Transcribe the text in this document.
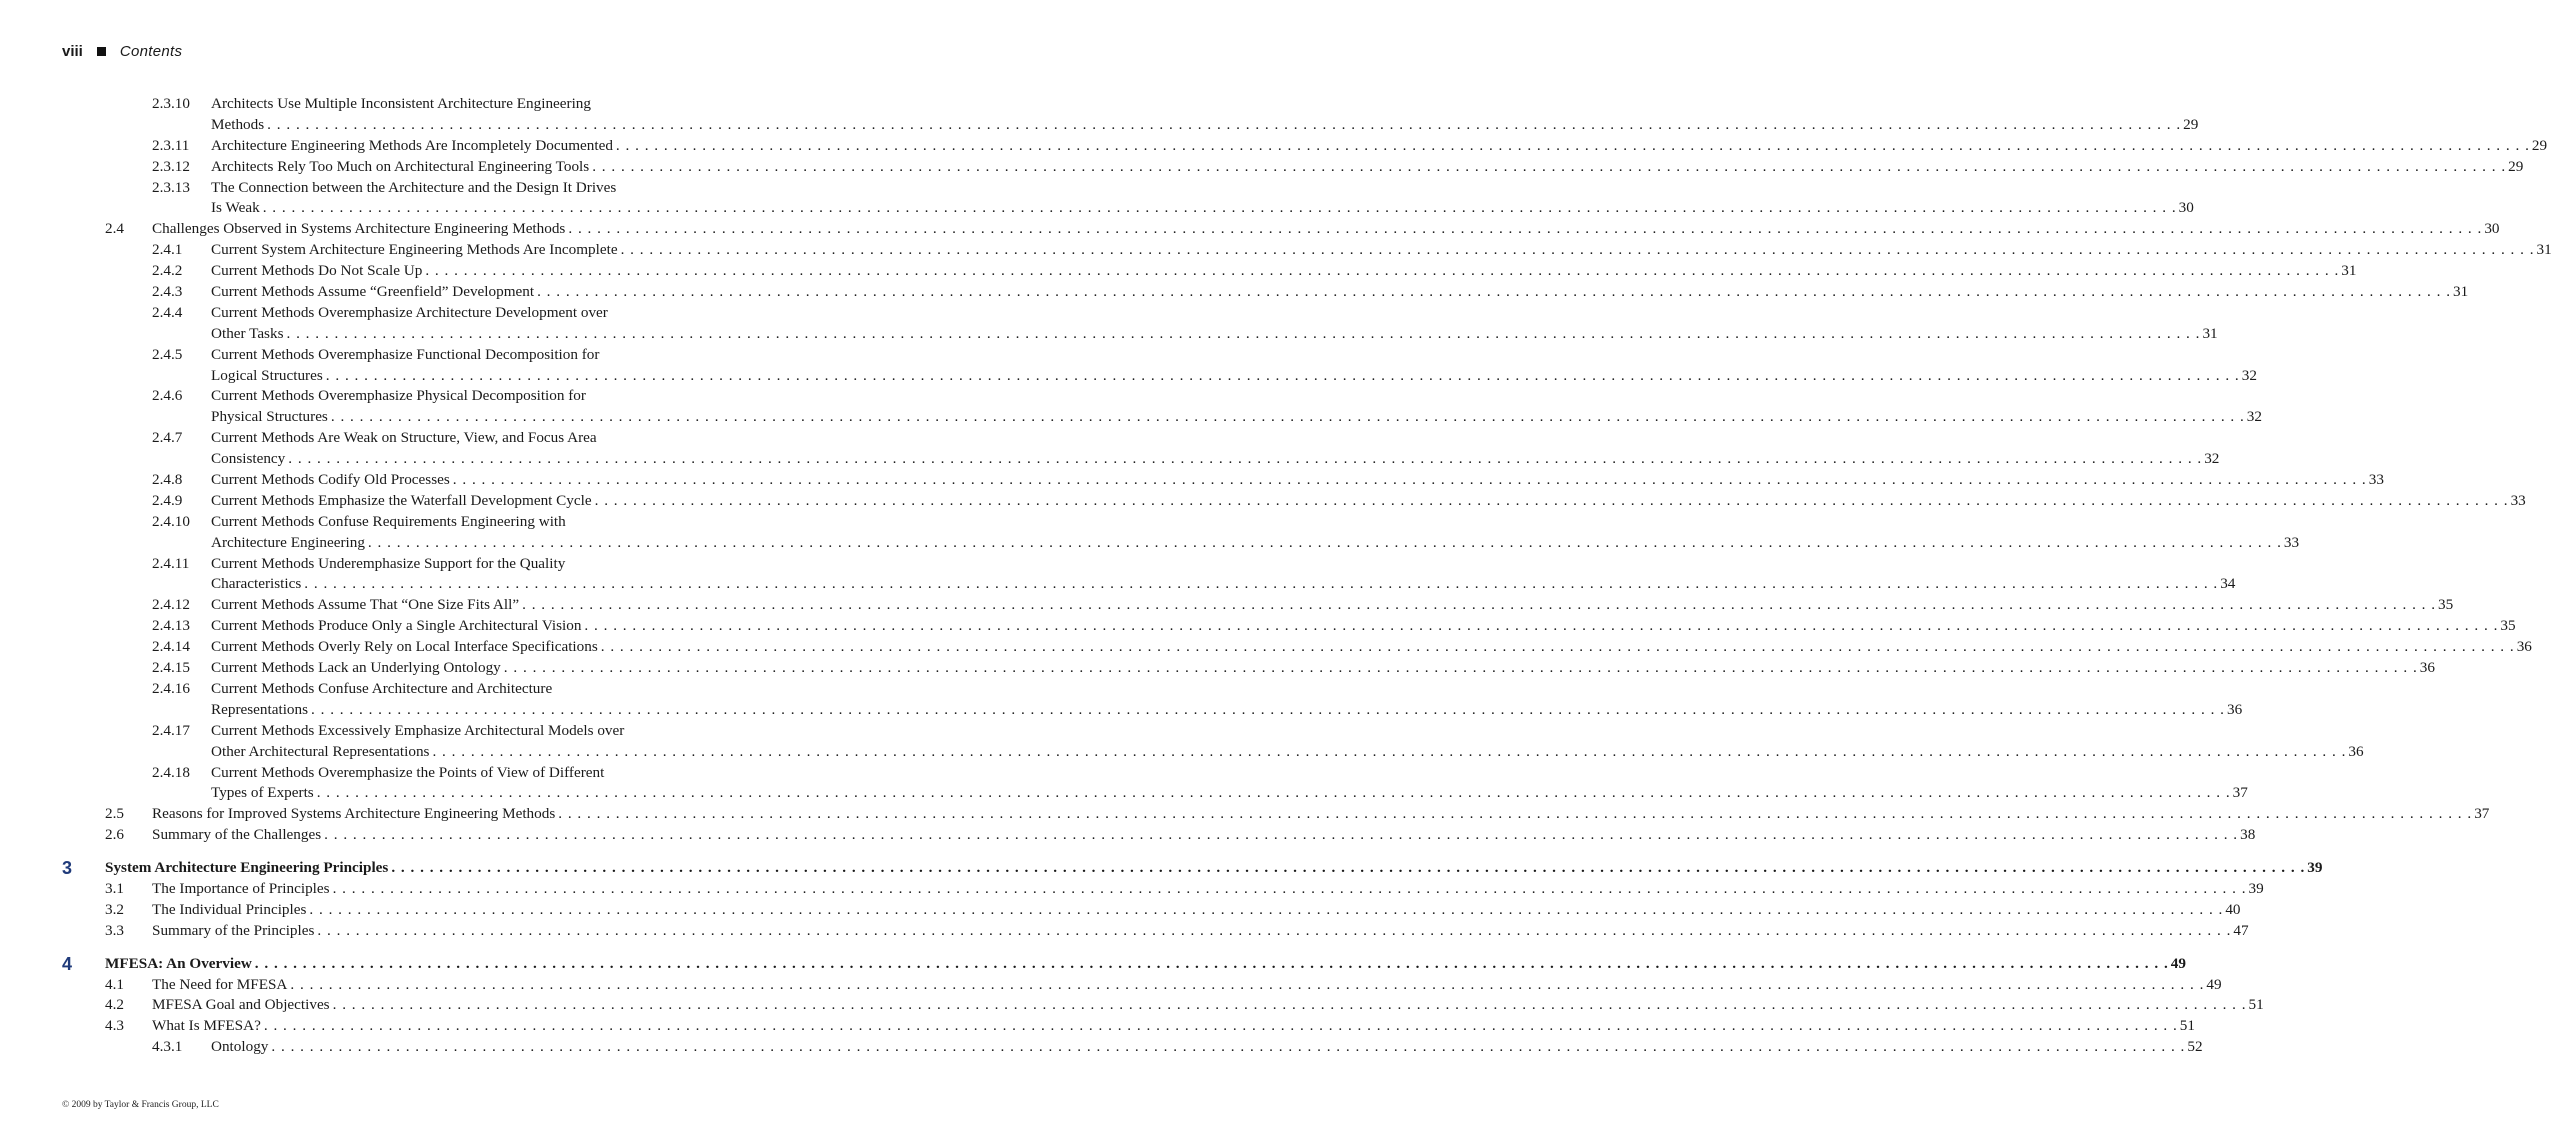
viii Contents
2.3.10 Architects Use Multiple Inconsistent Architecture Engineering
Methods . . . . . . . . . . . . . . . . . . . . . . . . . . . . . . . . . . . . . . . . . . . . . . . . . . . . . . . . . . . . . . . . . . . . . . . . . . . . . . . . . . . . . . . . . . . . . . . . . . . . . . . . . . . . . . . . . . . . . . . . . . . . . . . . . . . . . . . . . . . . . . . . . . . . . . . . . . . . . . . . . . . . . . . . . . . . . . . . . . . . . . . . . . . . . . . . . . . . . . . . 29
2.3.11 Architecture Engineering Methods Are Incompletely Documented . . . . . . . . . . . . . . . . . . . . . . . . . . . . . . . . . . . . . . . . . . . . . . . . . . . . . . . . . . . . . . . . . . . . . . . . . . . . . . . . . . . . . . . . . . . . . . . . . . . . . . . . . . . . . . . . . . . . . . . . . . . . . . . . . . . . . . . . . . . . . . . . . . . . . . . . . . . . . . . . . . . . . . . . . . . . . . . . . . . . . . . . . . . . . . . . . . . . . . . . 29
2.3.12 Architects Rely Too Much on Architectural Engineering Tools . . . . . . . . . . . . . . . . . . . . . . . . . . . . . . . . . . . . . . . . . . . . . . . . . . . . . . . . . . . . . . . . . . . . . . . . . . . . . . . . . . . . . . . . . . . . . . . . . . . . . . . . . . . . . . . . . . . . . . . . . . . . . . . . . . . . . . . . . . . . . . . . . . . . . . . . . . . . . . . . . . . . . . . . . . . . . . . . . . . . . . . . . . . . . . . . . . . . . . . . 29
2.3.13 The Connection between the Architecture and the Design It Drives
Is Weak . . . . . . . . . . . . . . . . . . . . . . . . . . . . . . . . . . . . . . . . . . . . . . . . . . . . . . . . . . . . . . . . . . . . . . . . . . . . . . . . . . . . . . . . . . . . . . . . . . . . . . . . . . . . . . . . . . . . . . . . . . . . . . . . . . . . . . . . . . . . . . . . . . . . . . . . . . . . . . . . . . . . . . . . . . . . . . . . . . . . . . . . . . . . . . . . . . . . . . . . 30
2.4 Challenges Observed in Systems Architecture Engineering Methods . . . . . . . . . . . . . . . . . . . . . . . . . . . . . . . . . . . . . . . . . . . . . . . . . . . . . . . . . . . . . . . . . . . . . . . . . . . . . . . . . . . . . . . . . . . . . . . . . . . . . . . . . . . . . . . . . . . . . . . . . . . . . . . . . . . . . . . . . . . . . . . . . . . . . . . . . . . . . . . . . . . . . . . . . . . . . . . . . . . . . . . . . . . . . . . . . . . . . . . . 30
2.4.1 Current System Architecture Engineering Methods Are Incomplete . . . . . . . . . . . . . . . . . . . . . . . . . . . . . . . . . . . . . . . . . . . . . . . . . . . . . . . . . . . . . . . . . . . . . . . . . . . . . . . . . . . . . . . . . . . . . . . . . . . . . . . . . . . . . . . . . . . . . . . . . . . . . . . . . . . . . . . . . . . . . . . . . . . . . . . . . . . . . . . . . . . . . . . . . . . . . . . . . . . . . . . . . . . . . . . . . . . . . . . . 31
2.4.2 Current Methods Do Not Scale Up . . . . . . . . . . . . . . . . . . . . . . . . . . . . . . . . . . . . . . . . . . . . . . . . . . . . . . . . . . . . . . . . . . . . . . . . . . . . . . . . . . . . . . . . . . . . . . . . . . . . . . . . . . . . . . . . . . . . . . . . . . . . . . . . . . . . . . . . . . . . . . . . . . . . . . . . . . . . . . . . . . . . . . . . . . . . . . . . . . . . . . . . . . . . . . . . . . . . . . . . 31
2.4.3 Current Methods Assume “Greenfield” Development . . . . . . . . . . . . . . . . . . . . . . . . . . . . . . . . . . . . . . . . . . . . . . . . . . . . . . . . . . . . . . . . . . . . . . . . . . . . . . . . . . . . . . . . . . . . . . . . . . . . . . . . . . . . . . . . . . . . . . . . . . . . . . . . . . . . . . . . . . . . . . . . . . . . . . . . . . . . . . . . . . . . . . . . . . . . . . . . . . . . . . . . . . . . . . . . . . . . . . . . 31
2.4.4 Current Methods Overemphasize Architecture Development over
Other Tasks . . . . . . . . . . . . . . . . . . . . . . . . . . . . . . . . . . . . . . . . . . . . . . . . . . . . . . . . . . . . . . . . . . . . . . . . . . . . . . . . . . . . . . . . . . . . . . . . . . . . . . . . . . . . . . . . . . . . . . . . . . . . . . . . . . . . . . . . . . . . . . . . . . . . . . . . . . . . . . . . . . . . . . . . . . . . . . . . . . . . . . . . . . . . . . . . . . . . . . . . 31
2.4.5 Current Methods Overemphasize Functional Decomposition for
Logical Structures . . . . . . . . . . . . . . . . . . . . . . . . . . . . . . . . . . . . . . . . . . . . . . . . . . . . . . . . . . . . . . . . . . . . . . . . . . . . . . . . . . . . . . . . . . . . . . . . . . . . . . . . . . . . . . . . . . . . . . . . . . . . . . . . . . . . . . . . . . . . . . . . . . . . . . . . . . . . . . . . . . . . . . . . . . . . . . . . . . . . . . . . . . . . . . . . . . . . . . . . 32
2.4.6 Current Methods Overemphasize Physical Decomposition for
Physical Structures . . . . . . . . . . . . . . . . . . . . . . . . . . . . . . . . . . . . . . . . . . . . . . . . . . . . . . . . . . . . . . . . . . . . . . . . . . . . . . . . . . . . . . . . . . . . . . . . . . . . . . . . . . . . . . . . . . . . . . . . . . . . . . . . . . . . . . . . . . . . . . . . . . . . . . . . . . . . . . . . . . . . . . . . . . . . . . . . . . . . . . . . . . . . . . . . . . . . . . . . 32
2.4.7 Current Methods Are Weak on Structure, View, and Focus Area
Consistency . . . . . . . . . . . . . . . . . . . . . . . . . . . . . . . . . . . . . . . . . . . . . . . . . . . . . . . . . . . . . . . . . . . . . . . . . . . . . . . . . . . . . . . . . . . . . . . . . . . . . . . . . . . . . . . . . . . . . . . . . . . . . . . . . . . . . . . . . . . . . . . . . . . . . . . . . . . . . . . . . . . . . . . . . . . . . . . . . . . . . . . . . . . . . . . . . . . . . . . . 32
2.4.8 Current Methods Codify Old Processes . . . . . . . . . . . . . . . . . . . . . . . . . . . . . . . . . . . . . . . . . . . . . . . . . . . . . . . . . . . . . . . . . . . . . . . . . . . . . . . . . . . . . . . . . . . . . . . . . . . . . . . . . . . . . . . . . . . . . . . . . . . . . . . . . . . . . . . . . . . . . . . . . . . . . . . . . . . . . . . . . . . . . . . . . . . . . . . . . . . . . . . . . . . . . . . . . . . . . . . . 33
2.4.9 Current Methods Emphasize the Waterfall Development Cycle . . . . . . . . . . . . . . . . . . . . . . . . . . . . . . . . . . . . . . . . . . . . . . . . . . . . . . . . . . . . . . . . . . . . . . . . . . . . . . . . . . . . . . . . . . . . . . . . . . . . . . . . . . . . . . . . . . . . . . . . . . . . . . . . . . . . . . . . . . . . . . . . . . . . . . . . . . . . . . . . . . . . . . . . . . . . . . . . . . . . . . . . . . . . . . . . . . . . . . . . 33
2.4.10 Current Methods Confuse Requirements Engineering with
Architecture Engineering . . . . . . . . . . . . . . . . . . . . . . . . . . . . . . . . . . . . . . . . . . . . . . . . . . . . . . . . . . . . . . . . . . . . . . . . . . . . . . . . . . . . . . . . . . . . . . . . . . . . . . . . . . . . . . . . . . . . . . . . . . . . . . . . . . . . . . . . . . . . . . . . . . . . . . . . . . . . . . . . . . . . . . . . . . . . . . . . . . . . . . . . . . . . . . . . . . . . . . . . 33
2.4.11 Current Methods Underemphasize Support for the Quality
Characteristics . . . . . . . . . . . . . . . . . . . . . . . . . . . . . . . . . . . . . . . . . . . . . . . . . . . . . . . . . . . . . . . . . . . . . . . . . . . . . . . . . . . . . . . . . . . . . . . . . . . . . . . . . . . . . . . . . . . . . . . . . . . . . . . . . . . . . . . . . . . . . . . . . . . . . . . . . . . . . . . . . . . . . . . . . . . . . . . . . . . . . . . . . . . . . . . . . . . . . . . . 34
2.4.12 Current Methods Assume That “One Size Fits All” . . . . . . . . . . . . . . . . . . . . . . . . . . . . . . . . . . . . . . . . . . . . . . . . . . . . . . . . . . . . . . . . . . . . . . . . . . . . . . . . . . . . . . . . . . . . . . . . . . . . . . . . . . . . . . . . . . . . . . . . . . . . . . . . . . . . . . . . . . . . . . . . . . . . . . . . . . . . . . . . . . . . . . . . . . . . . . . . . . . . . . . . . . . . . . . . . . . . . . . . 35
2.4.13 Current Methods Produce Only a Single Architectural Vision . . . . . . . . . . . . . . . . . . . . . . . . . . . . . . . . . . . . . . . . . . . . . . . . . . . . . . . . . . . . . . . . . . . . . . . . . . . . . . . . . . . . . . . . . . . . . . . . . . . . . . . . . . . . . . . . . . . . . . . . . . . . . . . . . . . . . . . . . . . . . . . . . . . . . . . . . . . . . . . . . . . . . . . . . . . . . . . . . . . . . . . . . . . . . . . . . . . . . . . . 35
2.4.14 Current Methods Overly Rely on Local Interface Specifications . . . . . . . . . . . . . . . . . . . . . . . . . . . . . . . . . . . . . . . . . . . . . . . . . . . . . . . . . . . . . . . . . . . . . . . . . . . . . . . . . . . . . . . . . . . . . . . . . . . . . . . . . . . . . . . . . . . . . . . . . . . . . . . . . . . . . . . . . . . . . . . . . . . . . . . . . . . . . . . . . . . . . . . . . . . . . . . . . . . . . . . . . . . . . . . . . . . . . . . . 36
2.4.15 Current Methods Lack an Underlying Ontology . . . . . . . . . . . . . . . . . . . . . . . . . . . . . . . . . . . . . . . . . . . . . . . . . . . . . . . . . . . . . . . . . . . . . . . . . . . . . . . . . . . . . . . . . . . . . . . . . . . . . . . . . . . . . . . . . . . . . . . . . . . . . . . . . . . . . . . . . . . . . . . . . . . . . . . . . . . . . . . . . . . . . . . . . . . . . . . . . . . . . . . . . . . . . . . . . . . . . . . . 36
2.4.16 Current Methods Confuse Architecture and Architecture
Representations . . . . . . . . . . . . . . . . . . . . . . . . . . . . . . . . . . . . . . . . . . . . . . . . . . . . . . . . . . . . . . . . . . . . . . . . . . . . . . . . . . . . . . . . . . . . . . . . . . . . . . . . . . . . . . . . . . . . . . . . . . . . . . . . . . . . . . . . . . . . . . . . . . . . . . . . . . . . . . . . . . . . . . . . . . . . . . . . . . . . . . . . . . . . . . . . . . . . . . . . 36
2.4.17 Current Methods Excessively Emphasize Architectural Models over
Other Architectural Representations . . . . . . . . . . . . . . . . . . . . . . . . . . . . . . . . . . . . . . . . . . . . . . . . . . . . . . . . . . . . . . . . . . . . . . . . . . . . . . . . . . . . . . . . . . . . . . . . . . . . . . . . . . . . . . . . . . . . . . . . . . . . . . . . . . . . . . . . . . . . . . . . . . . . . . . . . . . . . . . . . . . . . . . . . . . . . . . . . . . . . . . . . . . . . . . . . . . . . . . . 36
2.4.18 Current Methods Overemphasize the Points of View of Different
Types of Experts . . . . . . . . . . . . . . . . . . . . . . . . . . . . . . . . . . . . . . . . . . . . . . . . . . . . . . . . . . . . . . . . . . . . . . . . . . . . . . . . . . . . . . . . . . . . . . . . . . . . . . . . . . . . . . . . . . . . . . . . . . . . . . . . . . . . . . . . . . . . . . . . . . . . . . . . . . . . . . . . . . . . . . . . . . . . . . . . . . . . . . . . . . . . . . . . . . . . . . . . 37
2.5 Reasons for Improved Systems Architecture Engineering Methods . . . . . . . . . . . . . . . . . . . . . . . . . . . . . . . . . . . . . . . . . . . . . . . . . . . . . . . . . . . . . . . . . . . . . . . . . . . . . . . . . . . . . . . . . . . . . . . . . . . . . . . . . . . . . . . . . . . . . . . . . . . . . . . . . . . . . . . . . . . . . . . . . . . . . . . . . . . . . . . . . . . . . . . . . . . . . . . . . . . . . . . . . . . . . . . . . . . . . . . . 37
2.6 Summary of the Challenges . . . . . . . . . . . . . . . . . . . . . . . . . . . . . . . . . . . . . . . . . . . . . . . . . . . . . . . . . . . . . . . . . . . . . . . . . . . . . . . . . . . . . . . . . . . . . . . . . . . . . . . . . . . . . . . . . . . . . . . . . . . . . . . . . . . . . . . . . . . . . . . . . . . . . . . . . . . . . . . . . . . . . . . . . . . . . . . . . . . . . . . . . . . . . . . . . . . . . . . . 38
3 System Architecture Engineering Principles . . . . . . . . . . . . . . . . . . . . . . . . . . . . . . . . . . . . . . . . . . . . . . . . . . . . . . . . . . . . . . . . . . . . . . . . . . . . . . . . . . . . . . . . . . . . . . . . . . . . . . . . . . . . . . . . . . . . . . . . . . . . . . . . . . . . . . . . . . . . . . . . . . . . . . . . . . . . . . . . . . . . . . . . . . . . . . . . . . . . . . . . . . . . . . . . . . . . . . . . 39
3.1 The Importance of Principles . . . . . . . . . . . . . . . . . . . . . . . . . . . . . . . . . . . . . . . . . . . . . . . . . . . . . . . . . . . . . . . . . . . . . . . . . . . . . . . . . . . . . . . . . . . . . . . . . . . . . . . . . . . . . . . . . . . . . . . . . . . . . . . . . . . . . . . . . . . . . . . . . . . . . . . . . . . . . . . . . . . . . . . . . . . . . . . . . . . . . . . . . . . . . . . . . . . . . . . . 39
3.2 The Individual Principles . . . . . . . . . . . . . . . . . . . . . . . . . . . . . . . . . . . . . . . . . . . . . . . . . . . . . . . . . . . . . . . . . . . . . . . . . . . . . . . . . . . . . . . . . . . . . . . . . . . . . . . . . . . . . . . . . . . . . . . . . . . . . . . . . . . . . . . . . . . . . . . . . . . . . . . . . . . . . . . . . . . . . . . . . . . . . . . . . . . . . . . . . . . . . . . . . . . . . . . . 40
3.3 Summary of the Principles . . . . . . . . . . . . . . . . . . . . . . . . . . . . . . . . . . . . . . . . . . . . . . . . . . . . . . . . . . . . . . . . . . . . . . . . . . . . . . . . . . . . . . . . . . . . . . . . . . . . . . . . . . . . . . . . . . . . . . . . . . . . . . . . . . . . . . . . . . . . . . . . . . . . . . . . . . . . . . . . . . . . . . . . . . . . . . . . . . . . . . . . . . . . . . . . . . . . . . . . 47
4 MFESA: An Overview . . . . . . . . . . . . . . . . . . . . . . . . . . . . . . . . . . . . . . . . . . . . . . . . . . . . . . . . . . . . . . . . . . . . . . . . . . . . . . . . . . . . . . . . . . . . . . . . . . . . . . . . . . . . . . . . . . . . . . . . . . . . . . . . . . . . . . . . . . . . . . . . . . . . . . . . . . . . . . . . . . . . . . . . . . . . . . . . . . . . . . . . . . . . . . . . . . . . . . . . 49
4.1 The Need for MFESA . . . . . . . . . . . . . . . . . . . . . . . . . . . . . . . . . . . . . . . . . . . . . . . . . . . . . . . . . . . . . . . . . . . . . . . . . . . . . . . . . . . . . . . . . . . . . . . . . . . . . . . . . . . . . . . . . . . . . . . . . . . . . . . . . . . . . . . . . . . . . . . . . . . . . . . . . . . . . . . . . . . . . . . . . . . . . . . . . . . . . . . . . . . . . . . . . . . . . . . . 49
4.2 MFESA Goal and Objectives . . . . . . . . . . . . . . . . . . . . . . . . . . . . . . . . . . . . . . . . . . . . . . . . . . . . . . . . . . . . . . . . . . . . . . . . . . . . . . . . . . . . . . . . . . . . . . . . . . . . . . . . . . . . . . . . . . . . . . . . . . . . . . . . . . . . . . . . . . . . . . . . . . . . . . . . . . . . . . . . . . . . . . . . . . . . . . . . . . . . . . . . . . . . . . . . . . . . . . . . 51
4.3 What Is MFESA? . . . . . . . . . . . . . . . . . . . . . . . . . . . . . . . . . . . . . . . . . . . . . . . . . . . . . . . . . . . . . . . . . . . . . . . . . . . . . . . . . . . . . . . . . . . . . . . . . . . . . . . . . . . . . . . . . . . . . . . . . . . . . . . . . . . . . . . . . . . . . . . . . . . . . . . . . . . . . . . . . . . . . . . . . . . . . . . . . . . . . . . . . . . . . . . . . . . . . . . . 51
4.3.1 Ontology . . . . . . . . . . . . . . . . . . . . . . . . . . . . . . . . . . . . . . . . . . . . . . . . . . . . . . . . . . . . . . . . . . . . . . . . . . . . . . . . . . . . . . . . . . . . . . . . . . . . . . . . . . . . . . . . . . . . . . . . . . . . . . . . . . . . . . . . . . . . . . . . . . . . . . . . . . . . . . . . . . . . . . . . . . . . . . . . . . . . . . . . . . . . . . . . . . . . . . . . 52
© 2009 by Taylor & Francis Group, LLC
